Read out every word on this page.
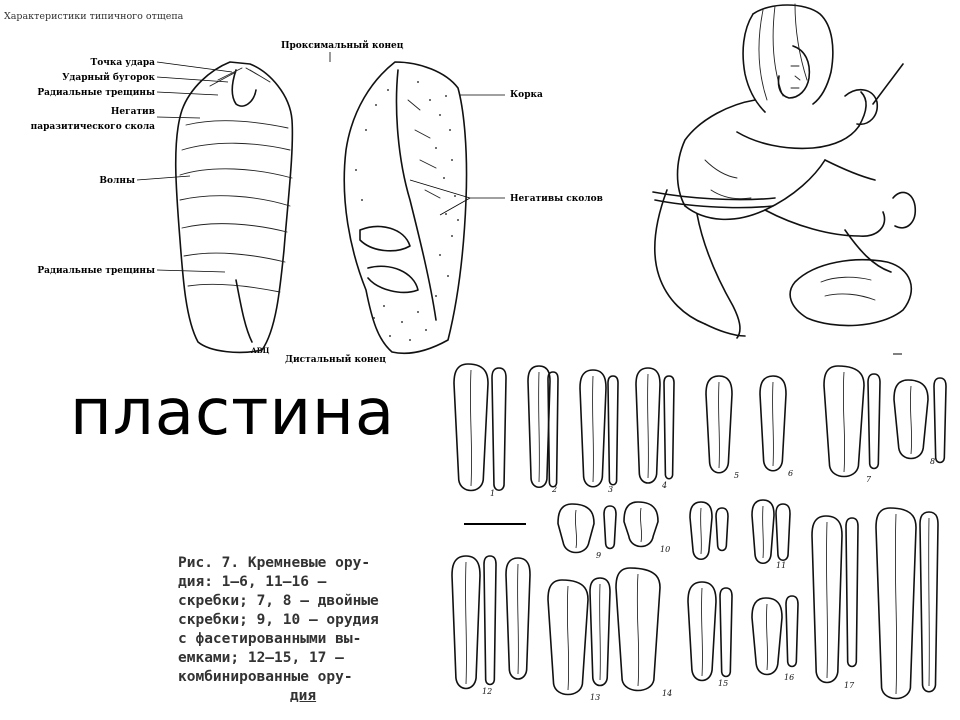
Характеристики типичного отщепа
Проксимальный конец
Дистальный конец
АВЦ
Точка удара
Ударный бугорок
Радиальные трещины
Негатив
паразитического скола
Волны
Радиальные трещины
Корка
Негативы сколов
пластина
Рис. 7. Кремневые ору-
дия: 1—6, 11—16 —
скребки; 7, 8 — двойные
скребки; 9, 10 — орудия
с фасетированными вы-
емками; 12—15, 17 —
комбинированные ору-
дия
1	2	3	4
5	6
7
8
9
10
11
17
12
13	14
15
16
